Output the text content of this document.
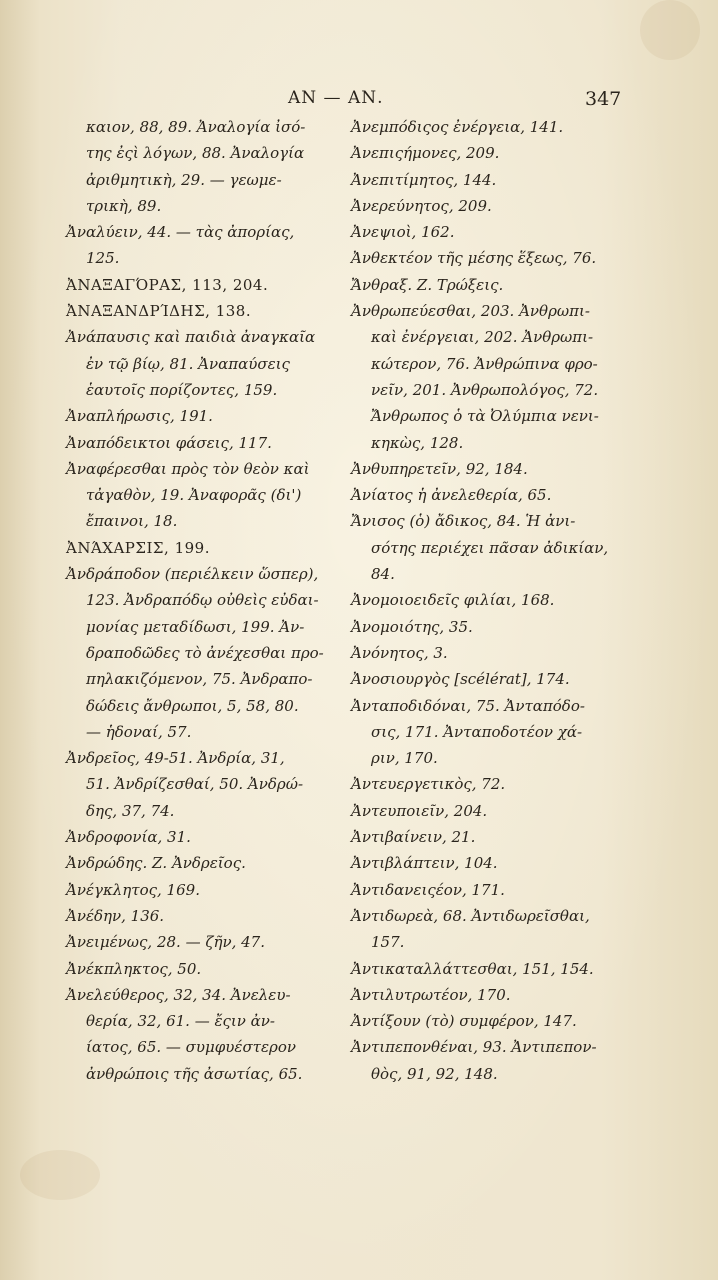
ΑΝ — ΑΝ.	347

καιον, 88, 89. Ἀναλογία ἰσό-

της ἐςὶ λόγων, 88. Ἀναλογία

ἀριθμητικὴ, 29. — γεωμε-

τρικὴ, 89.

Ἀναλύειν, 44. — τὰς ἀπορίας,

125.

ἈΝΑΞΑΓΌΡΑΣ, 113, 204.

ἈΝΑΞΑΝΔΡΊΔΗΣ, 138.

Ἀνάπαυσις καὶ παιδιὰ ἀναγκαῖα

ἐν τῷ βίῳ, 81. Ἀναπαύσεις

ἑαυτοῖς πορίζοντες, 159.

Ἀναπλήρωσις, 191.

Ἀναπόδεικτοι φάσεις, 117.

Ἀναφέρεσθαι πρὸς τὸν θεὸν καὶ

τἀγαθὸν, 19. Ἀναφορᾶς (δι')

ἔπαινοι, 18.

ἈΝΆΧΑΡΣΙΣ, 199.

Ἀνδράποδον (περιέλκειν ὥσπερ),

123. Ἀνδραπόδῳ οὐθεὶς εὐδαι-

μονίας μεταδίδωσι, 199. Ἀν-

δραποδῶδες τὸ ἀνέχεσθαι προ-

πηλακιζόμενον, 75. Ἀνδραπο-

δώδεις ἄνθρωποι, 5, 58, 80.

— ἡδοναί, 57.

Ἀνδρεῖος, 49-51. Ἀνδρία, 31,

51. Ἀνδρίζεσθαί, 50. Ἀνδρώ-

δης, 37, 74.

Ἀνδροφονία, 31.

Ἀνδρώδης. Ζ. Ἀνδρεῖος.

Ἀνέγκλητος, 169.

Ἀνέδην, 136.

Ἀνειμένως, 28. — ζῆν, 47.

Ἀνέκπληκτος, 50.

Ἀνελεύθερος, 32, 34. Ἀνελευ-

θερία, 32, 61. — ἔςιν ἀν-

ίατος, 65. — συμφυέστερον

ἀνθρώποις τῆς ἀσωτίας, 65.

Ἀνεμπόδιςος ἐνέργεια, 141.

Ἀνεπιςήμονες, 209.

Ἀνεπιτίμητος, 144.

Ἀνερεύνητος, 209.

Ἀνεψιοὶ, 162.

Ἀνθεκτέον τῆς μέσης ἕξεως, 76.

Ἄνθραξ. Ζ. Τρώξεις.

Ἀνθρωπεύεσθαι, 203. Ἀνθρωπι-

καὶ ἐνέργειαι, 202. Ἀνθρωπι-

κώτερον, 76. Ἀνθρώπινα φρο-

νεῖν, 201. Ἀνθρωπολόγος, 72.

Ἄνθρωπος ὁ τὰ Ὀλύμπια νενι-

κηκὼς, 128.

Ἀνθυπηρετεῖν, 92, 184.

Ἀνίατος ἡ ἀνελεθερία, 65.

Ἄνισος (ὁ) ἄδικος, 84. Ἡ ἀνι-

σότης περιέχει πᾶσαν ἀδικίαν,

84.

Ἀνομοιοειδεῖς φιλίαι, 168.

Ἀνομοιότης, 35.

Ἀνόνητος, 3.

Ἀνοσιουργὸς [scélérat], 174.

Ἀνταποδιδόναι, 75. Ἀνταπόδο-

σις, 171. Ἀνταποδοτέον χά-

ριν, 170.

Ἀντευεργετικὸς, 72.

Ἀντευποιεῖν, 204.

Ἀντιβαίνειν, 21.

Ἀντιβλάπτειν, 104.

Ἀντιδανειςέον, 171.

Ἀντιδωρεὰ, 68. Ἀντιδωρεῖσθαι,

157.

Ἀντικαταλλάττεσθαι, 151, 154.

Ἀντιλυτρωτέον, 170.

Ἀντίξουν (τὸ) συμφέρον, 147.

Ἀντιπεπονθέναι, 93. Ἀντιπεπον-

θὸς, 91, 92, 148.
